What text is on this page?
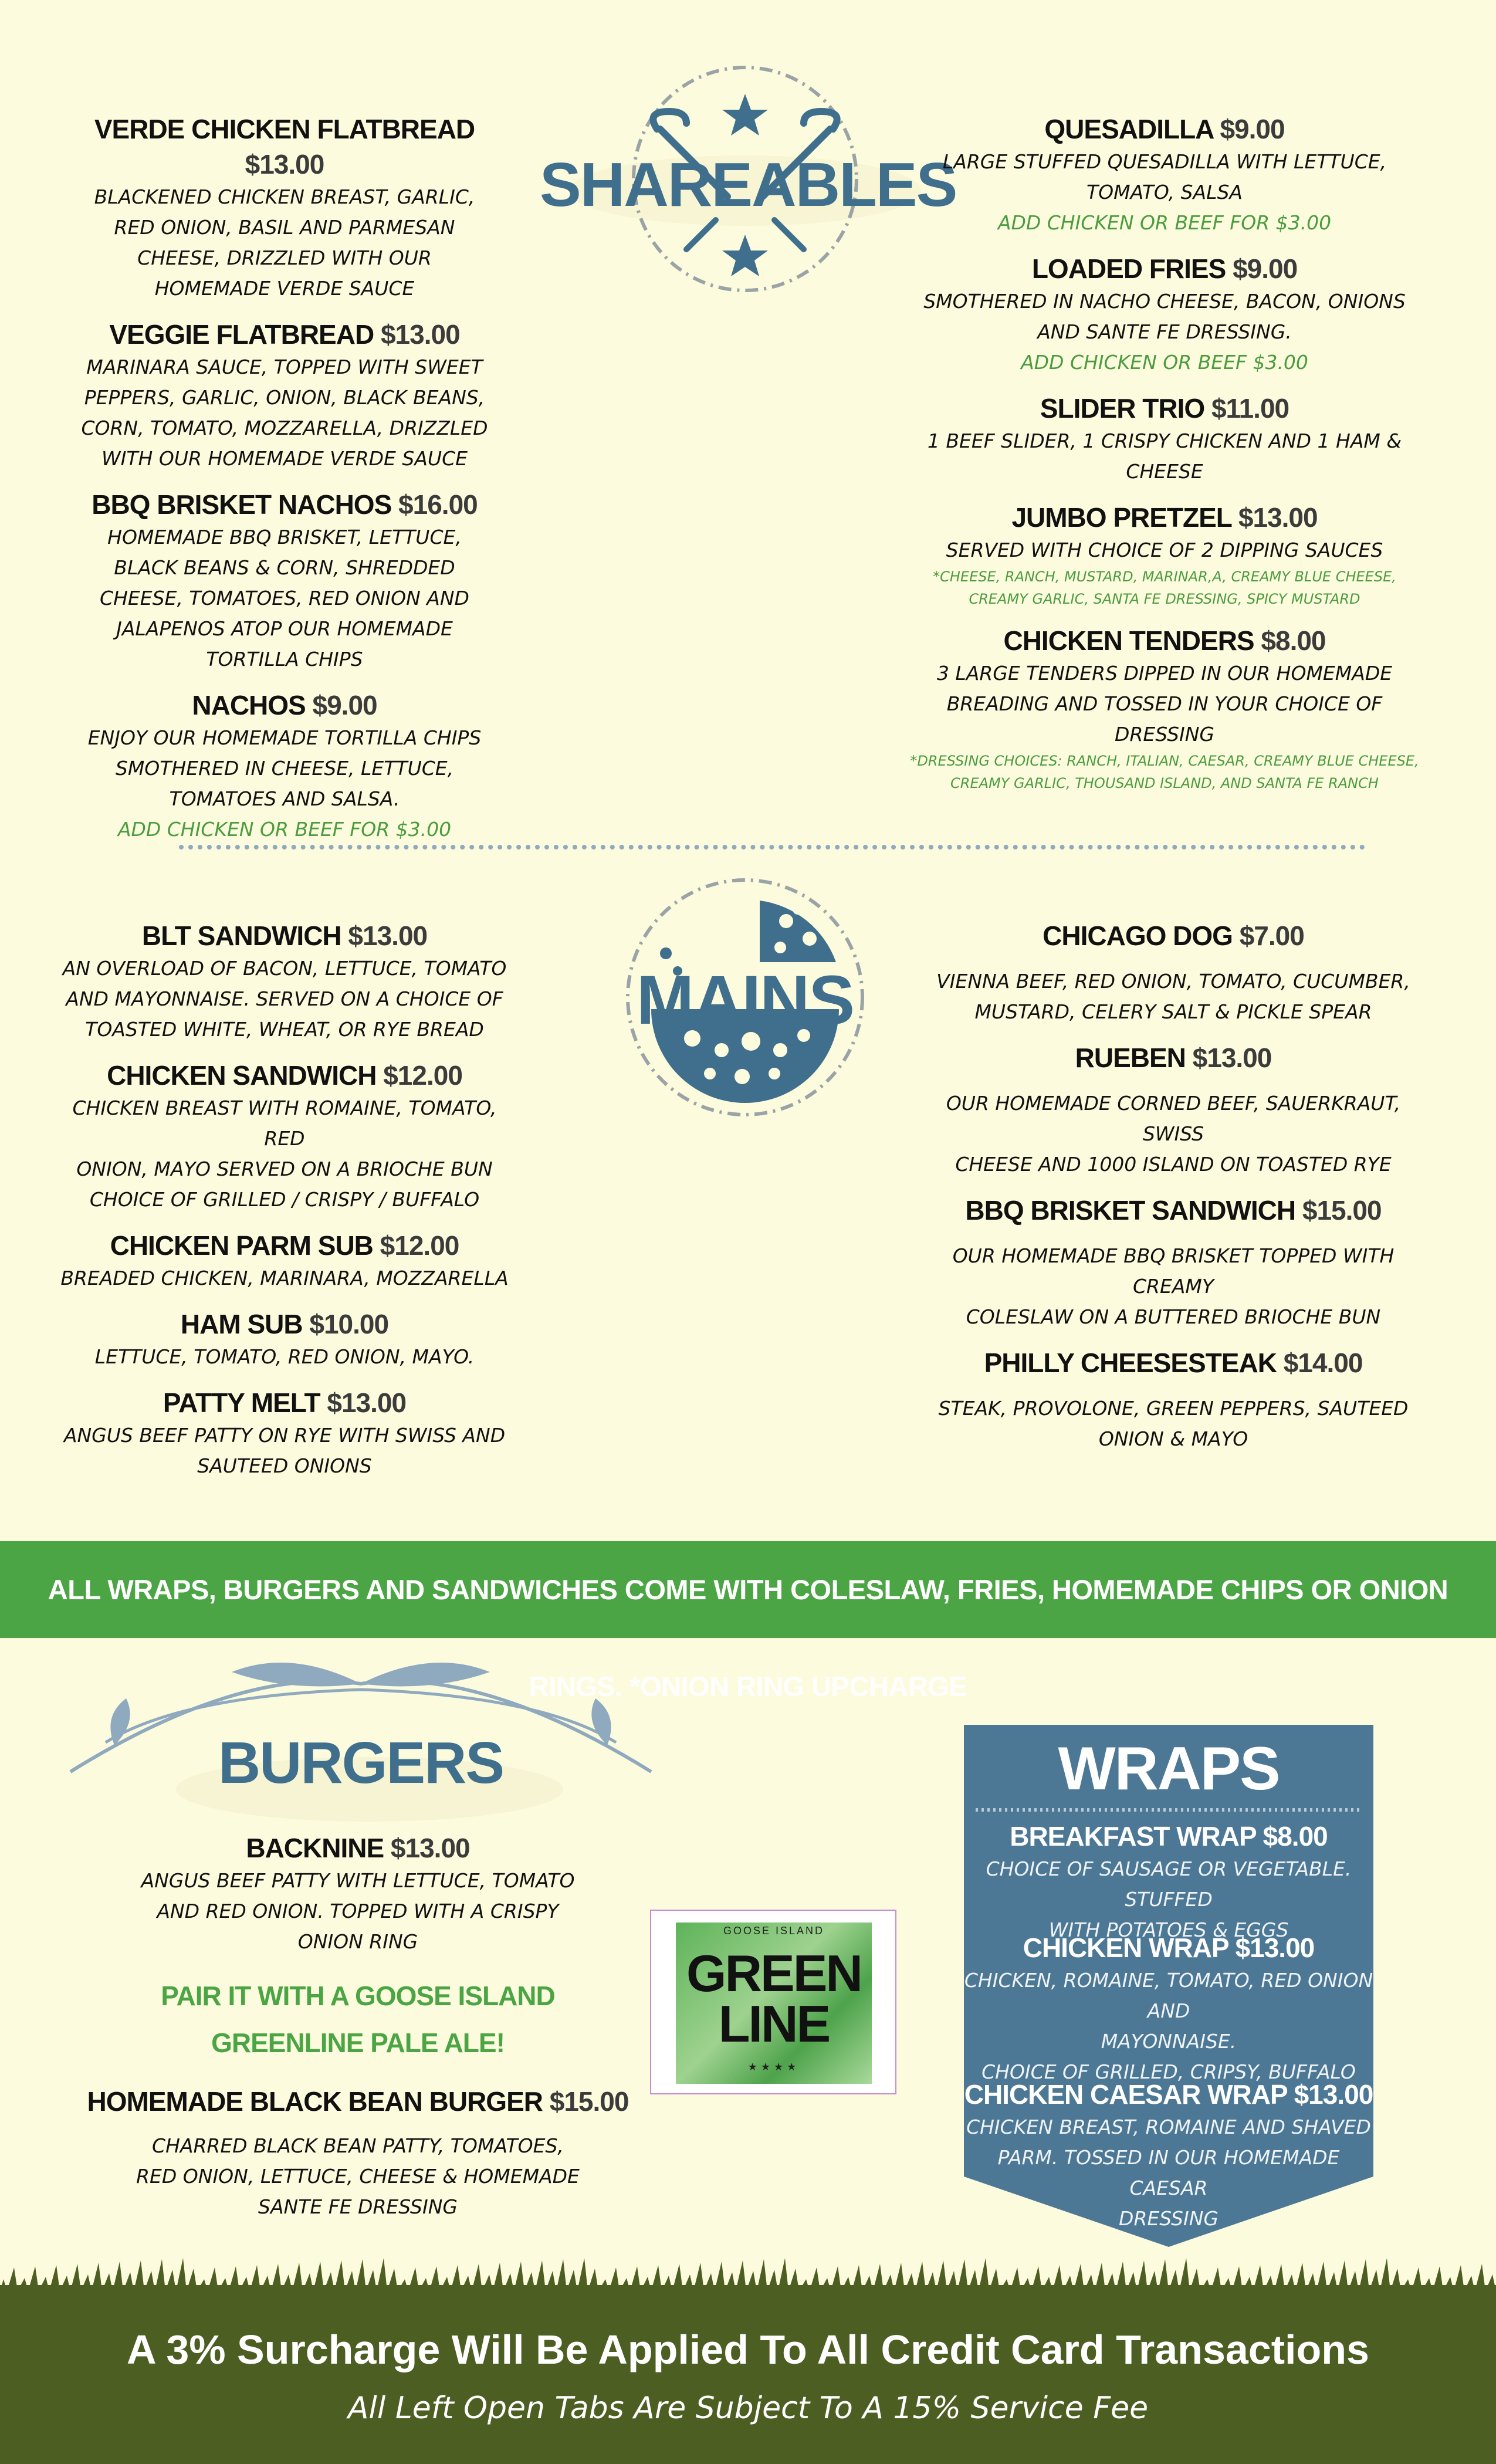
VERDE CHICKEN FLATBREAD $13.00
BLACKENED CHICKEN BREAST, GARLIC,
RED ONION, BASIL AND PARMESAN
CHEESE, DRIZZLED WITH OUR
HOMEMADE VERDE SAUCE
VEGGIE FLATBREAD $13.00
MARINARA SAUCE, TOPPED WITH SWEET
PEPPERS, GARLIC, ONION, BLACK BEANS,
CORN, TOMATO, MOZZARELLA, DRIZZLED
WITH OUR HOMEMADE VERDE SAUCE
BBQ BRISKET NACHOS $16.00
HOMEMADE BBQ BRISKET, LETTUCE,
BLACK BEANS & CORN, SHREDDED
CHEESE, TOMATOES, RED ONION AND
JALAPENOS ATOP OUR HOMEMADE
TORTILLA CHIPS
NACHOS $9.00
ENJOY OUR HOMEMADE TORTILLA CHIPS
SMOTHERED IN CHEESE, LETTUCE,
TOMATOES AND SALSA.
ADD CHICKEN OR BEEF FOR $3.00
SHAREABLES
QUESADILLA $9.00
LARGE STUFFED QUESADILLA WITH LETTUCE,
TOMATO, SALSA
ADD CHICKEN OR BEEF FOR $3.00
LOADED FRIES $9.00
SMOTHERED IN NACHO CHEESE, BACON, ONIONS
AND SANTE FE DRESSING.
ADD CHICKEN OR BEEF $3.00
SLIDER TRIO $11.00
1 BEEF SLIDER, 1 CRISPY CHICKEN AND 1 HAM & CHEESE
JUMBO PRETZEL $13.00
SERVED WITH CHOICE OF 2 DIPPING SAUCES
*CHEESE, RANCH, MUSTARD, MARINAR,A, CREAMY BLUE CHEESE,
CREAMY GARLIC, SANTA FE DRESSING, SPICY MUSTARD
CHICKEN TENDERS $8.00
3 LARGE TENDERS DIPPED IN OUR HOMEMADE
BREADING AND TOSSED IN YOUR CHOICE OF DRESSING
*DRESSING CHOICES: RANCH, ITALIAN, CAESAR, CREAMY BLUE CHEESE,
CREAMY GARLIC, THOUSAND ISLAND, AND SANTA FE RANCH
BLT SANDWICH $13.00
AN OVERLOAD OF BACON, LETTUCE, TOMATO
AND MAYONNAISE. SERVED ON A CHOICE OF
TOASTED WHITE, WHEAT, OR RYE BREAD
CHICKEN SANDWICH $12.00
CHICKEN BREAST WITH ROMAINE, TOMATO, RED
ONION, MAYO SERVED ON A BRIOCHE BUN
CHOICE OF GRILLED / CRISPY / BUFFALO
CHICKEN PARM SUB $12.00
BREADED CHICKEN, MARINARA, MOZZARELLA
HAM SUB $10.00
LETTUCE, TOMATO, RED ONION, MAYO.
PATTY MELT $13.00
ANGUS BEEF PATTY ON RYE WITH SWISS AND
SAUTEED ONIONS
MAINS
CHICAGO DOG $7.00
VIENNA BEEF, RED ONION, TOMATO, CUCUMBER,
MUSTARD, CELERY SALT & PICKLE SPEAR
RUEBEN $13.00
OUR HOMEMADE CORNED BEEF, SAUERKRAUT, SWISS
CHEESE AND 1000 ISLAND ON TOASTED RYE
BBQ BRISKET SANDWICH $15.00
OUR HOMEMADE BBQ BRISKET TOPPED WITH CREAMY
COLESLAW ON A BUTTERED BRIOCHE BUN
PHILLY CHEESESTEAK $14.00
STEAK, PROVOLONE, GREEN PEPPERS, SAUTEED
ONION & MAYO
ALL WRAPS, BURGERS AND SANDWICHES COME WITH COLESLAW, FRIES, HOMEMADE CHIPS OR ONION RINGS. *ONION RING UPCHARGE
BURGERS
BACKNINE $13.00
ANGUS BEEF PATTY WITH LETTUCE, TOMATO
AND RED ONION. TOPPED WITH A CRISPY
ONION RING
PAIR IT WITH A GOOSE ISLAND
GREENLINE PALE ALE!
HOMEMADE BLACK BEAN BURGER $15.00
CHARRED BLACK BEAN PATTY, TOMATOES,
RED ONION, LETTUCE, CHEESE & HOMEMADE
SANTE FE DRESSING
GOOSE ISLAND
GREEN
LINE
★★★★
WRAPS
BREAKFAST WRAP $8.00
CHOICE OF SAUSAGE OR VEGETABLE. STUFFED
WITH POTATOES & EGGS
CHICKEN WRAP $13.00
CHICKEN, ROMAINE, TOMATO, RED ONION AND
MAYONNAISE.
CHOICE OF GRILLED, CRIPSY, BUFFALO
CHICKEN CAESAR WRAP $13.00
CHICKEN BREAST, ROMAINE AND SHAVED
PARM. TOSSED IN OUR HOMEMADE CAESAR
DRESSING
A 3% Surcharge Will Be Applied To All Credit Card Transactions
All Left Open Tabs Are Subject To A 15% Service Fee
